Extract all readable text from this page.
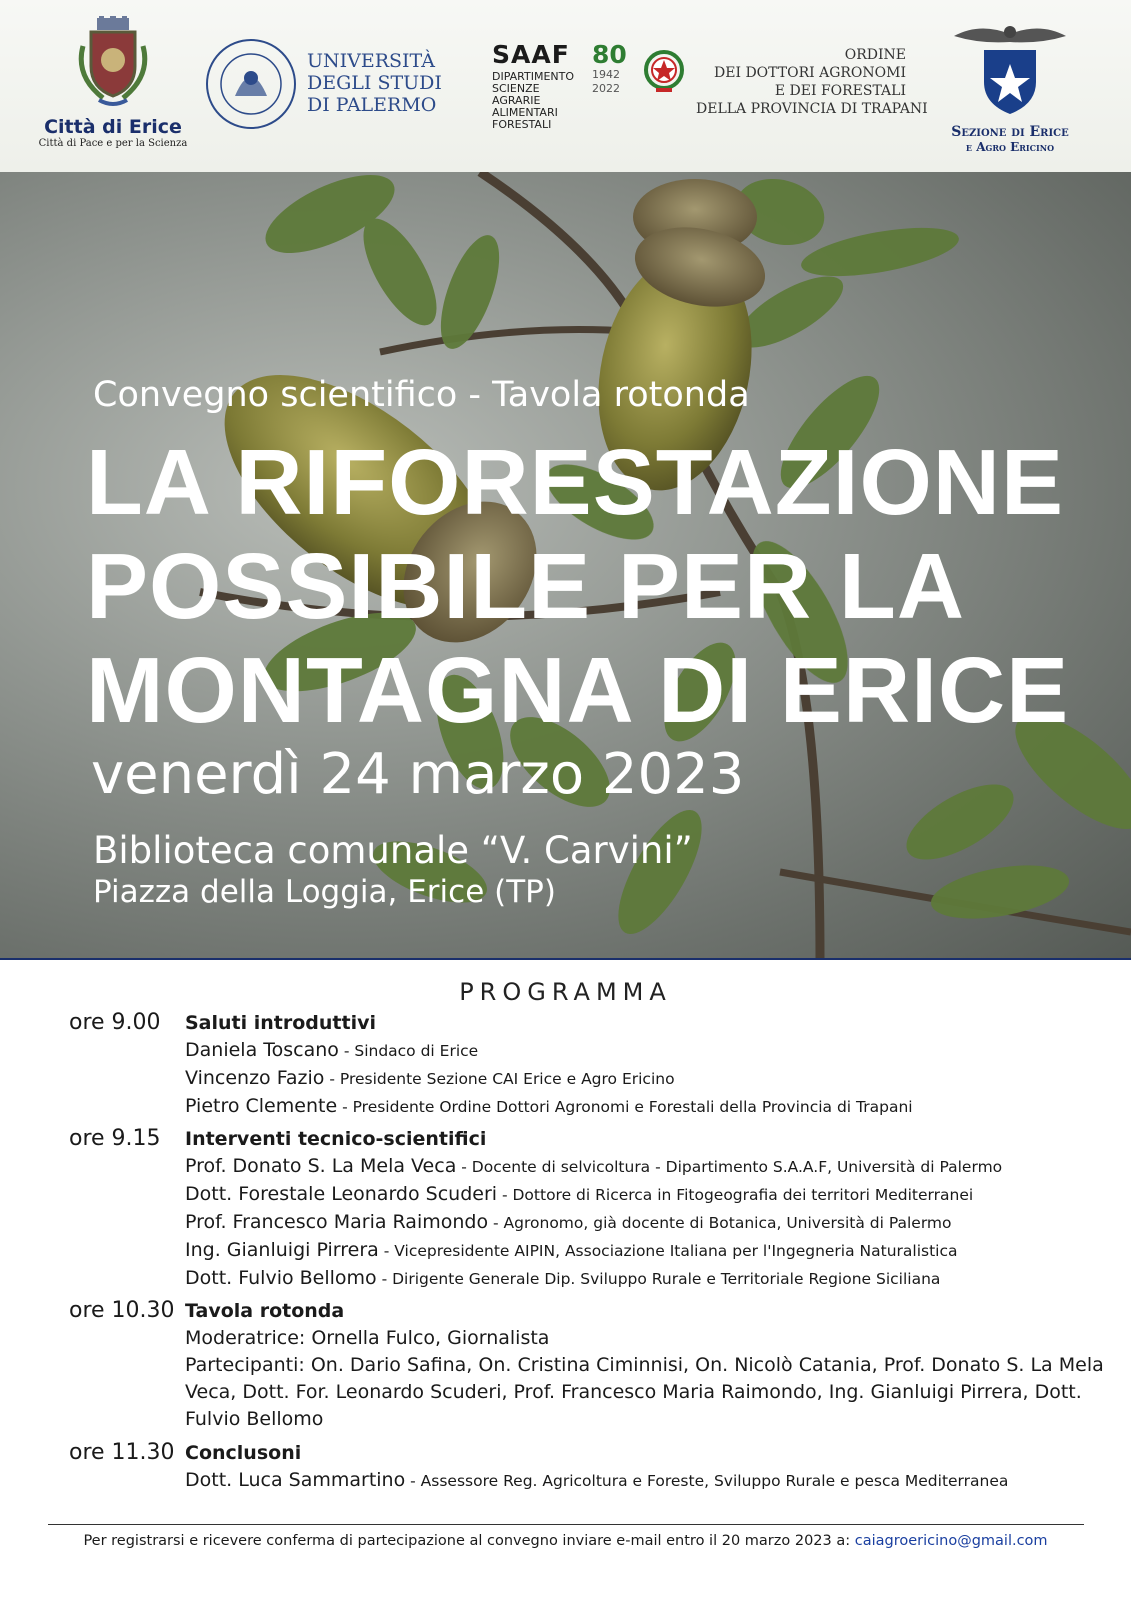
Città di Erice
Città di Pace e per la Scienza
UNIVERSITÀ
DEGLI STUDI
DI PALERMO
SAAF
DIPARTIMENTO
SCIENZE
AGRARIE
ALIMENTARI
FORESTALI
80
1942
2022
ORDINE
DEI DOTTORI AGRONOMI
E DEI FORESTALI
DELLA PROVINCIA DI TRAPANI
Sezione di Erice
e Agro Ericino
Convegno scientifico - Tavola rotonda
LA RIFORESTAZIONE
POSSIBILE PER LA
MONTAGNA DI ERICE
venerdì 24 marzo 2023
Biblioteca comunale “V. Carvini”
Piazza della Loggia, Erice (TP)
PROGRAMMA
ore 9.00 Saluti introduttivi
Daniela Toscano - Sindaco di Erice
Vincenzo Fazio - Presidente Sezione CAI Erice e Agro Ericino
Pietro Clemente - Presidente Ordine Dottori Agronomi e Forestali della Provincia di Trapani
ore 9.15 Interventi tecnico-scientifici
Prof. Donato S. La Mela Veca - Docente di selvicoltura - Dipartimento S.A.A.F, Università di Palermo
Dott. Forestale Leonardo Scuderi - Dottore di Ricerca in Fitogeografia dei territori Mediterranei
Prof. Francesco Maria Raimondo - Agronomo, già docente di Botanica, Università di Palermo
Ing. Gianluigi Pirrera - Vicepresidente AIPIN, Associazione Italiana per l'Ingegneria Naturalistica
Dott. Fulvio Bellomo - Dirigente Generale Dip. Sviluppo Rurale e Territoriale Regione Siciliana
ore 10.30 Tavola rotonda
Moderatrice: Ornella Fulco, Giornalista
Partecipanti: On. Dario Safina, On. Cristina Ciminnisi, On. Nicolò Catania, Prof. Donato S. La Mela Veca, Dott. For. Leonardo Scuderi, Prof. Francesco Maria Raimondo, Ing. Gianluigi Pirrera, Dott. Fulvio Bellomo
ore 11.30 Conclusoni
Dott. Luca Sammartino - Assessore Reg. Agricoltura e Foreste, Sviluppo Rurale e pesca Mediterranea
Per registrarsi e ricevere conferma di partecipazione al convegno inviare e-mail entro il 20 marzo 2023 a: caiagroericino@gmail.com
